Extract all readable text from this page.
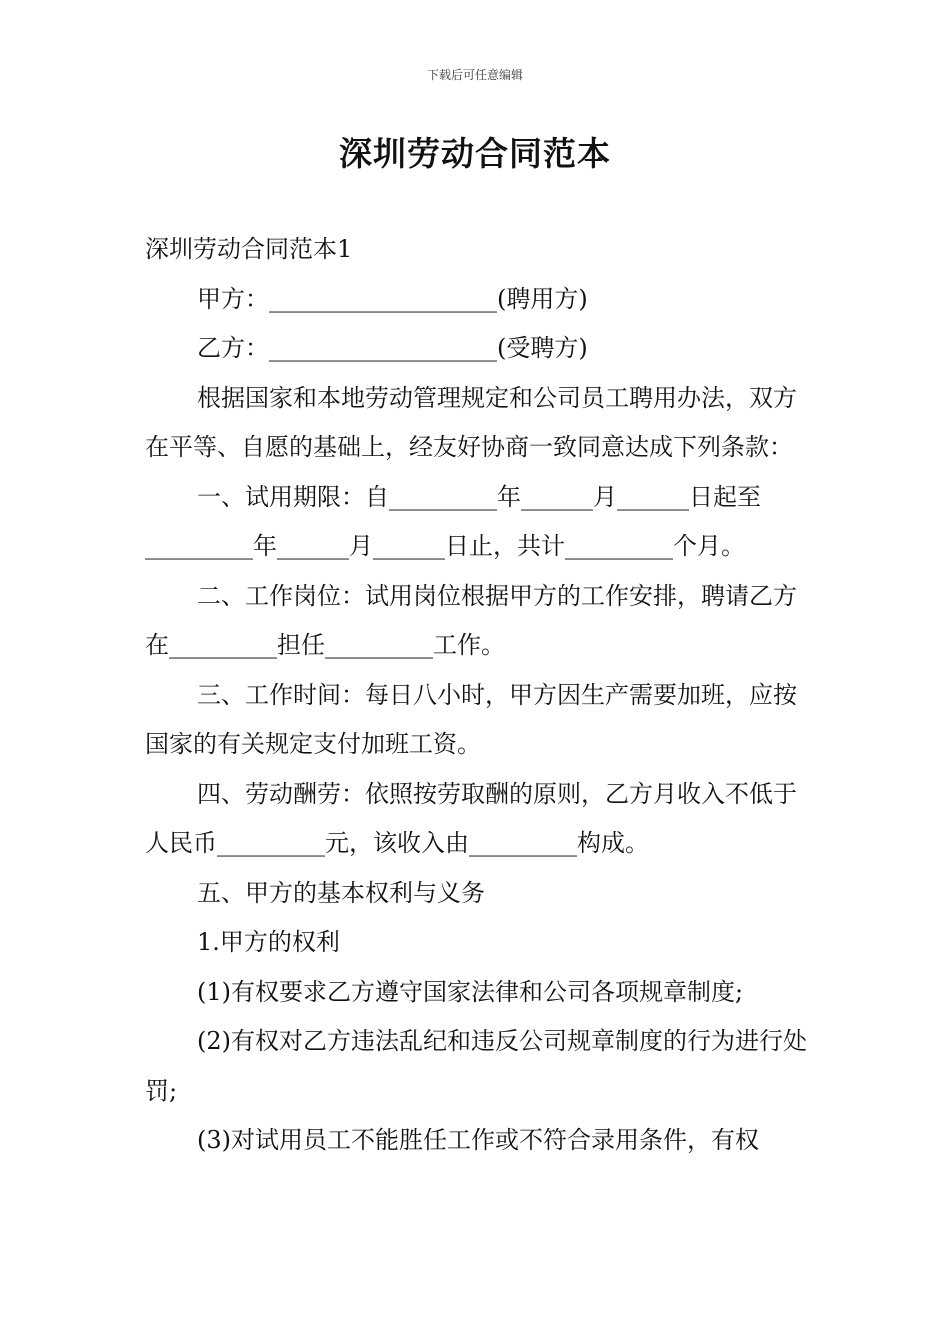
下载后可任意编辑
深圳劳动合同范本

深圳劳动合同范本1

甲方：___________________(聘用方)

乙方：___________________(受聘方)

根据国家和本地劳动管理规定和公司员工聘用办法，双方在平等、自愿的基础上，经友好协商一致同意达成下列条款：

一、试用期限：自_________年______月______日起至_________年______月______日止，共计_________个月。

二、工作岗位：试用岗位根据甲方的工作安排，聘请乙方在_________担任_________工作。

三、工作时间：每日八小时，甲方因生产需要加班，应按国家的有关规定支付加班工资。

四、劳动酬劳：依照按劳取酬的原则，乙方月收入不低于人民币_________元，该收入由_________构成。

五、甲方的基本权利与义务

1.甲方的权利

(1)有权要求乙方遵守国家法律和公司各项规章制度;

(2)有权对乙方违法乱纪和违反公司规章制度的行为进行处罚;

(3)对试用员工不能胜任工作或不符合录用条件，有权
